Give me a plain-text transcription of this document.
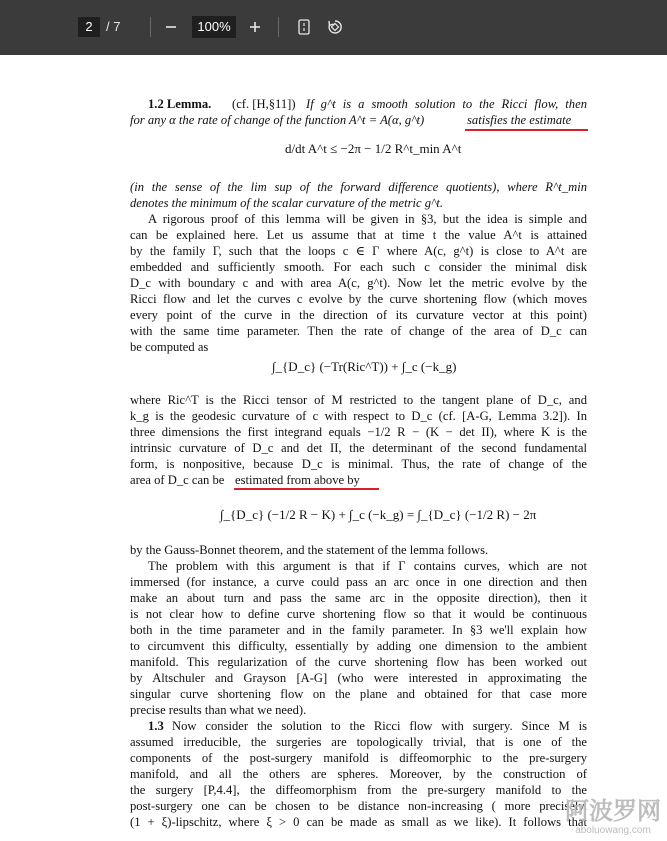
2	/ 7	100%
1.2 Lemma. (cf. [H,§11]) If g^t is a smooth solution to the Ricci flow, then
for any α the rate of change of the function A^t = A(α, g^t)	satisfies the estimate
d/dt A^t ≤ −2π − 1/2 R^t_min A^t
(in the sense of the lim sup of the forward difference quotients), where R^t_min
denotes the minimum of the scalar curvature of the metric g^t.
A rigorous proof of this lemma will be given in §3, but the idea is simple and
can be explained here. Let us assume that at time t the value A^t is attained
by the family Γ, such that the loops c ∈ Γ where A(c, g^t) is close to A^t are
embedded and sufficiently smooth. For each such c consider the minimal disk
D_c with boundary c and with area A(c, g^t). Now let the metric evolve by the
Ricci flow and let the curves c evolve by the curve shortening flow (which moves
every point of the curve in the direction of its curvature vector at this point)
with the same time parameter. Then the rate of change of the area of D_c can
be computed as
∫_{D_c} (−Tr(Ric^T)) + ∫_c (−k_g)
where Ric^T is the Ricci tensor of M restricted to the tangent plane of D_c, and
k_g is the geodesic curvature of c with respect to D_c (cf. [A-G, Lemma 3.2]). In
three dimensions the first integrand equals −1/2 R − (K − det II), where K is the
intrinsic curvature of D_c and det II, the determinant of the second fundamental
form, is nonpositive, because D_c is minimal. Thus, the rate of change of the
area of D_c can be estimated from above by
∫_{D_c} (−1/2 R − K) + ∫_c (−k_g) = ∫_{D_c} (−1/2 R) − 2π
by the Gauss-Bonnet theorem, and the statement of the lemma follows.
The problem with this argument is that if Γ contains curves, which are not
immersed (for instance, a curve could pass an arc once in one direction and then
make an about turn and pass the same arc in the opposite direction), then it
is not clear how to define curve shortening flow so that it would be continuous
both in the time parameter and in the family parameter. In §3 we'll explain how
to circumvent this difficulty, essentially by adding one dimension to the ambient
manifold. This regularization of the curve shortening flow has been worked out
by Altschuler and Grayson [A-G] (who were interested in approximating the
singular curve shortening flow on the plane and obtained for that case more
precise results than what we need).
1.3 Now consider the solution to the Ricci flow with surgery. Since M is
assumed irreducible, the surgeries are topologically trivial, that is one of the
components of the post-surgery manifold is diffeomorphic to the pre-surgery
manifold, and all the others are spheres. Moreover, by the construction of
the surgery [P,4.4], the diffeomorphism from the pre-surgery manifold to the
post-surgery one can be chosen to be distance non-increasing ( more precisely,
(1 + ξ)-lipschitz, where ξ > 0 can be made as small as we like). It follows that
阿波罗网
aboluowang.com
